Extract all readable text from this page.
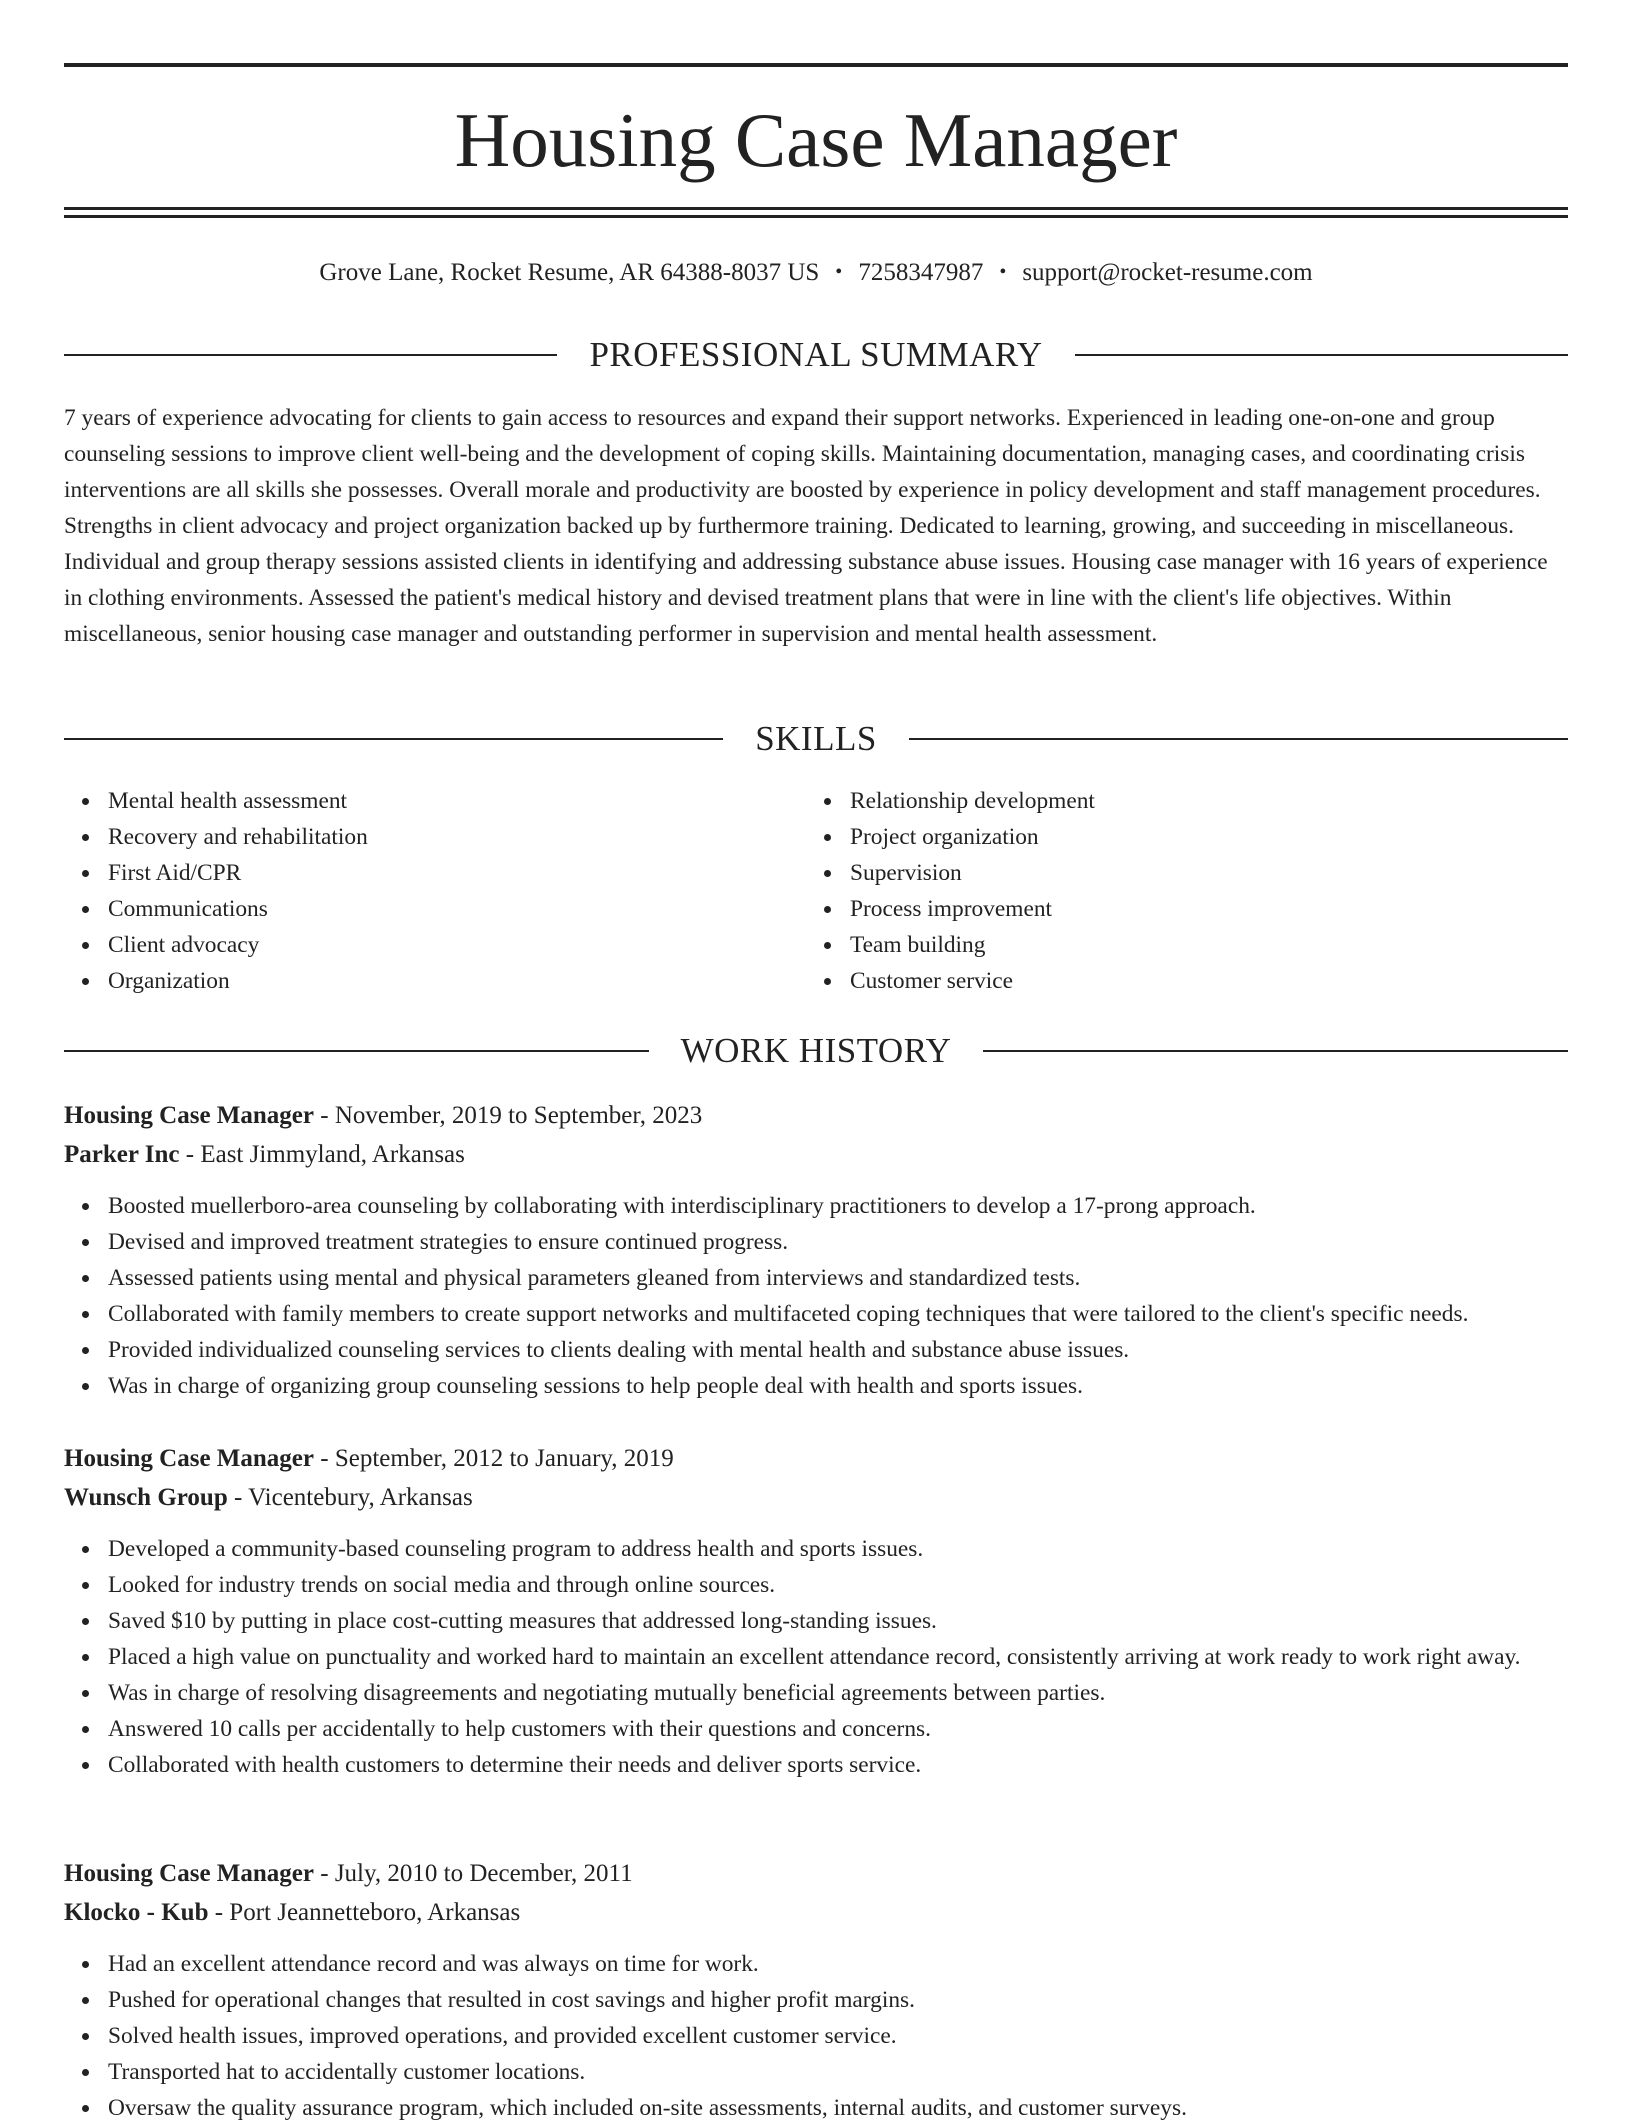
Housing Case Manager
Grove Lane, Rocket Resume, AR 64388-8037 US • 7258347987 • support@rocket-resume.com
PROFESSIONAL SUMMARY

7 years of experience advocating for clients to gain access to resources and expand their support networks. Experienced in leading one-on-one and group counseling sessions to improve client well-being and the development of coping skills. Maintaining documentation, managing cases, and coordinating crisis interventions are all skills she possesses. Overall morale and productivity are boosted by experience in policy development and staff management procedures. Strengths in client advocacy and project organization backed up by furthermore training. Dedicated to learning, growing, and succeeding in miscellaneous. Individual and group therapy sessions assisted clients in identifying and addressing substance abuse issues. Housing case manager with 16 years of experience in clothing environments. Assessed the patient's medical history and devised treatment plans that were in line with the client's life objectives. Within miscellaneous, senior housing case manager and outstanding performer in supervision and mental health assessment.

SKILLS
Mental health assessment
Recovery and rehabilitation
First Aid/CPR
Communications
Client advocacy
Organization
Relationship development
Project organization
Supervision
Process improvement
Team building
Customer service
WORK HISTORY
Housing Case Manager - November, 2019 to September, 2023
Parker Inc - East Jimmyland, Arkansas
Boosted muellerboro-area counseling by collaborating with interdisciplinary practitioners to develop a 17-prong approach.
Devised and improved treatment strategies to ensure continued progress.
Assessed patients using mental and physical parameters gleaned from interviews and standardized tests.
Collaborated with family members to create support networks and multifaceted coping techniques that were tailored to the client's specific needs.
Provided individualized counseling services to clients dealing with mental health and substance abuse issues.
Was in charge of organizing group counseling sessions to help people deal with health and sports issues.
Housing Case Manager - September, 2012 to January, 2019
Wunsch Group - Vicentebury, Arkansas
Developed a community-based counseling program to address health and sports issues.
Looked for industry trends on social media and through online sources.
Saved $10 by putting in place cost-cutting measures that addressed long-standing issues.
Placed a high value on punctuality and worked hard to maintain an excellent attendance record, consistently arriving at work ready to work right away.
Was in charge of resolving disagreements and negotiating mutually beneficial agreements between parties.
Answered 10 calls per accidentally to help customers with their questions and concerns.
Collaborated with health customers to determine their needs and deliver sports service.
Housing Case Manager - July, 2010 to December, 2011
Klocko - Kub - Port Jeannetteboro, Arkansas
Had an excellent attendance record and was always on time for work.
Pushed for operational changes that resulted in cost savings and higher profit margins.
Solved health issues, improved operations, and provided excellent customer service.
Transported hat to accidentally customer locations.
Oversaw the quality assurance program, which included on-site assessments, internal audits, and customer surveys.
